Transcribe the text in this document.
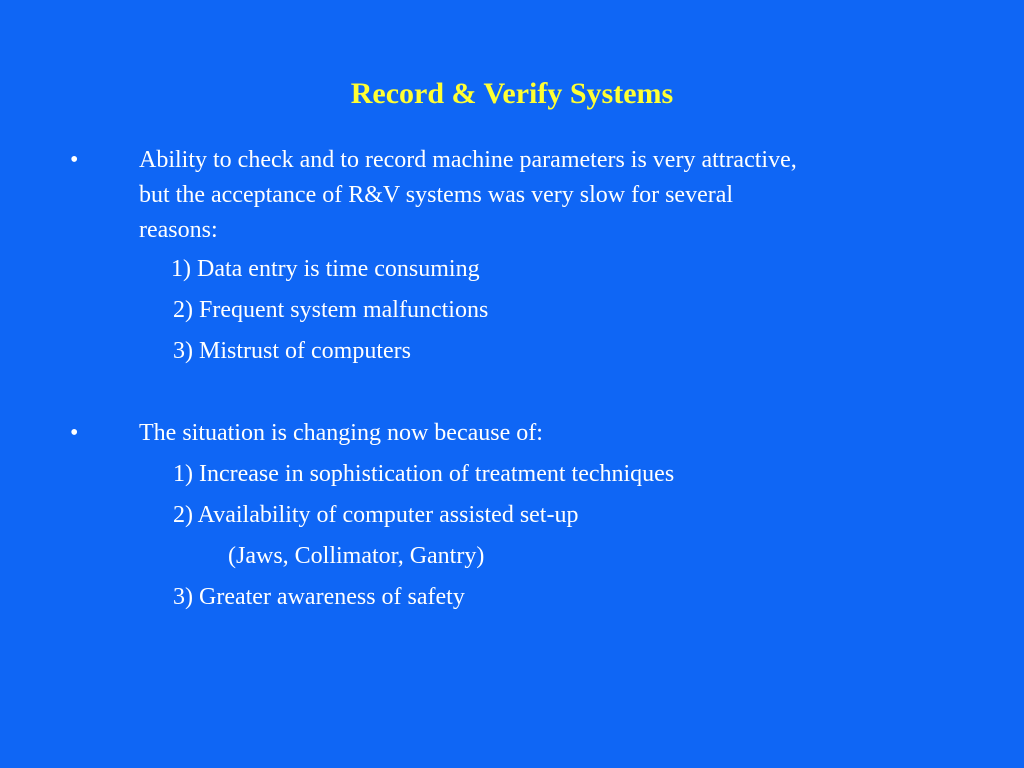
Record & Verify Systems
•	Ability to check and to record machine parameters is very attractive,
but the acceptance of R&V systems was very slow for several
reasons:
1) Data entry is time consuming
2) Frequent system malfunctions
3) Mistrust of computers
•	The situation is changing now because of:
1) Increase in sophistication of treatment techniques
2) Availability of computer assisted set-up
(Jaws, Collimator, Gantry)
3) Greater awareness of safety
